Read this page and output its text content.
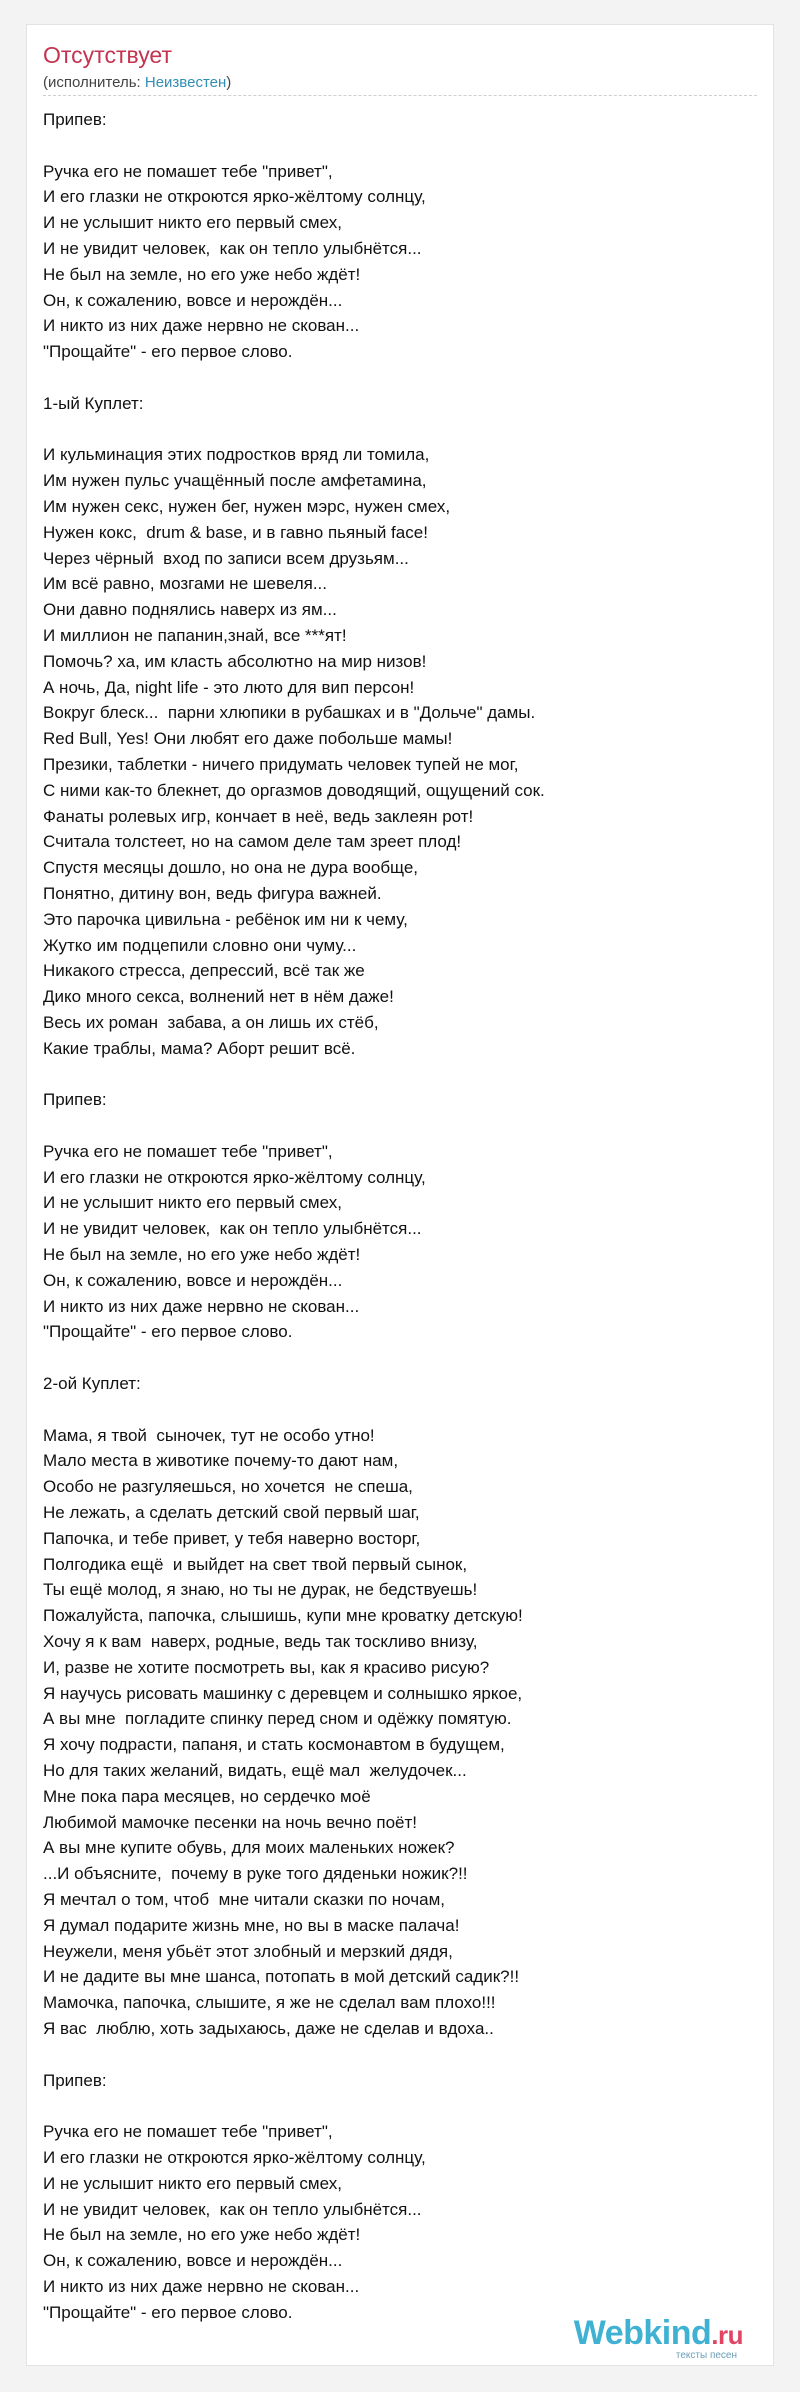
Отсутствует
(исполнитель: Неизвестен)
Припев:

Ручка его не помашет тебе "привет",
И его глазки не откроются ярко-жёлтому солнцу,
И не услышит никто его первый смех,
И не увидит человек,  как он тепло улыбнётся...
Не был на земле, но его уже небо ждёт!
Он, к сожалению, вовсе и нерождён...
И никто из них даже нервно не скован...
"Прощайте" - его первое слово.

1-ый Куплет:

И кульминация этих подростков вряд ли томила,
Им нужен пульс учащённый после амфетамина,
Им нужен секс, нужен бег, нужен мэрс, нужен смех,
Нужен кокс,  drum & base, и в гавно пьяный face!
Через чёрный  вход по записи всем друзьям...
Им всё равно, мозгами не шевеля...
Они давно поднялись наверх из ям...
И миллион не папанин,знай, все ***ят!
Помочь? ха, им класть абсолютно на мир низов!
А ночь, Да, night life - это люто для вип персон!
Вокруг блеск...  парни хлюпики в рубашках и в "Дольче" дамы.
Red Bull, Yes! Они любят его даже побольше мамы!
Презики, таблетки - ничего придумать человек тупей не мог,
С ними как-то блекнет, до оргазмов доводящий, ощущений сок.
Фанаты ролевых игр, кончает в неё, ведь заклеян рот!
Считала толстеет, но на самом деле там зреет плод!
Спустя месяцы дошло, но она не дура вообще,
Понятно, дитину вон, ведь фигура важней.
Это парочка цивильна - ребёнок им ни к чему,
Жутко им подцепили словно они чуму...
Никакого стресса, депрессий, всё так же
Дико много секса, волнений нет в нём даже!
Весь их роман  забава, а он лишь их стёб,
Какие траблы, мама? Аборт решит всё.

Припев:

Ручка его не помашет тебе "привет",
И его глазки не откроются ярко-жёлтому солнцу,
И не услышит никто его первый смех,
И не увидит человек,  как он тепло улыбнётся...
Не был на земле, но его уже небо ждёт!
Он, к сожалению, вовсе и нерождён...
И никто из них даже нервно не скован...
"Прощайте" - его первое слово.

2-ой Куплет:

Мама, я твой  сыночек, тут не особо утно!
Мало места в животике почему-то дают нам,
Особо не разгуляешься, но хочется  не спеша,
Не лежать, а сделать детский свой первый шаг,
Папочка, и тебе привет, у тебя наверно восторг,
Полгодика ещё  и выйдет на свет твой первый сынок,
Ты ещё молод, я знаю, но ты не дурак, не бедствуешь!
Пожалуйста, папочка, слышишь, купи мне кроватку детскую!
Хочу я к вам  наверх, родные, ведь так тоскливо внизу,
И, разве не хотите посмотреть вы, как я красиво рисую?
Я научусь рисовать машинку с деревцем и солнышко яркое,
А вы мне  погладите спинку перед сном и одёжку помятую.
Я хочу подрасти, папаня, и стать космонавтом в будущем,
Но для таких желаний, видать, ещё мал  желудочек...
Мне пока пара месяцев, но сердечко моё
Любимой мамочке песенки на ночь вечно поёт!
А вы мне купите обувь, для моих маленьких ножек?
...И объясните,  почему в руке того дяденьки ножик?!!
Я мечтал о том, чтоб  мне читали сказки по ночам,
Я думал подарите жизнь мне, но вы в маске палача!
Неужели, меня убьёт этот злобный и мерзкий дядя,
И не дадите вы мне шанса, потопать в мой детский садик?!!
Мамочка, папочка, слышите, я же не сделал вам плохо!!!
Я вас  люблю, хоть задыхаюсь, даже не сделав и вдоха..

Припев:

Ручка его не помашет тебе "привет",
И его глазки не откроются ярко-жёлтому солнцу,
И не услышит никто его первый смех,
И не увидит человек,  как он тепло улыбнётся...
Не был на земле, но его уже небо ждёт!
Он, к сожалению, вовсе и нерождён...
И никто из них даже нервно не скован...
"Прощайте" - его первое слово.
Webkind.ru
тексты песен
